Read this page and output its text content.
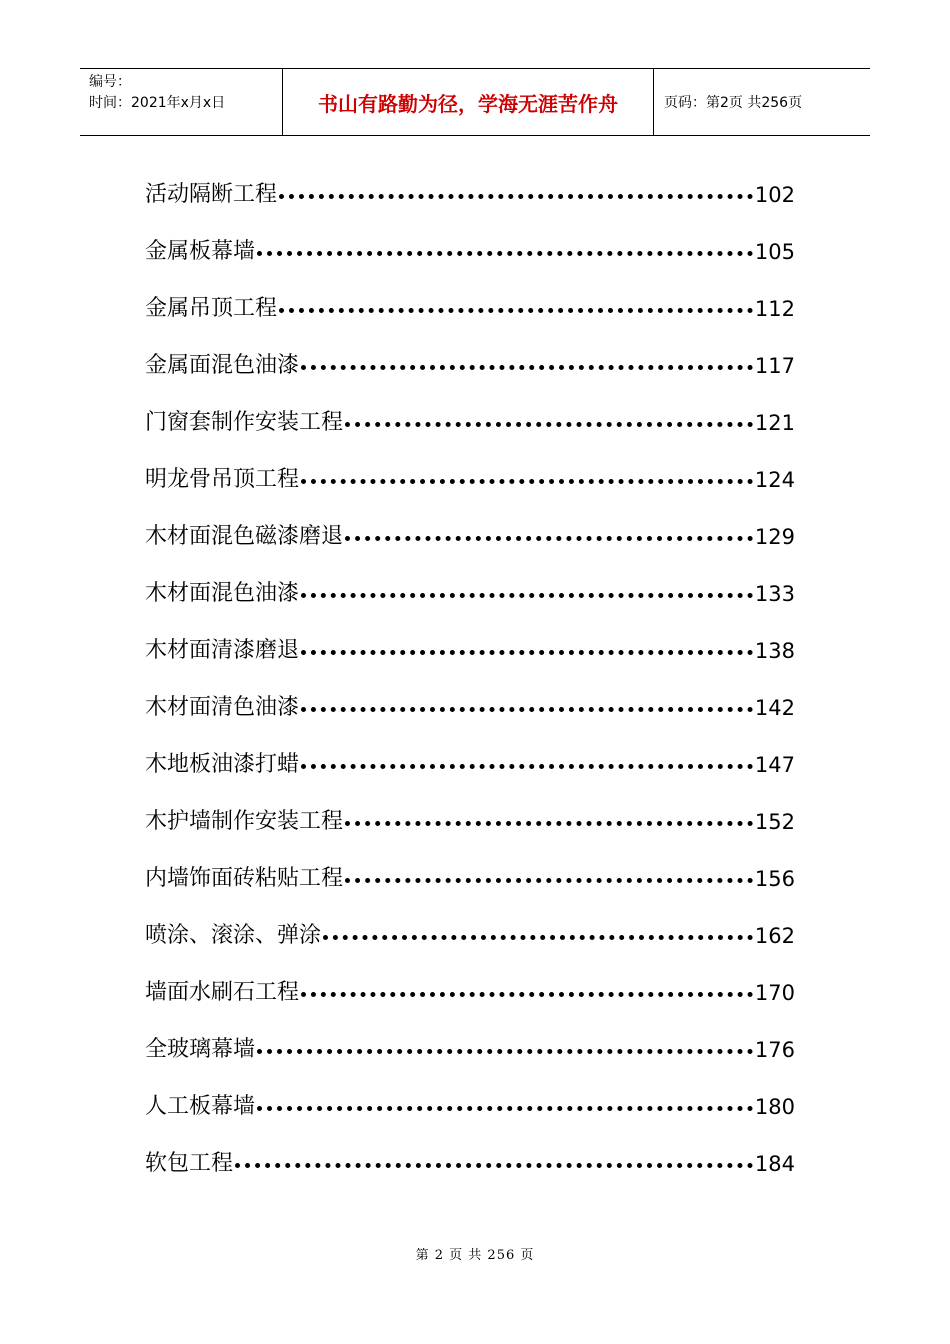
编号：
时间：2021年x月x日	书山有路勤为径，学海无涯苦作舟	页码：第2页 共256页
活动隔断工程	102
金属板幕墙	105
金属吊顶工程	112
金属面混色油漆	117
门窗套制作安装工程	121
明龙骨吊顶工程	124
木材面混色磁漆磨退	129
木材面混色油漆	133
木材面清漆磨退	138
木材面清色油漆	142
木地板油漆打蜡	147
木护墙制作安装工程	152
内墙饰面砖粘贴工程	156
喷涂、滚涂、弹涂	162
墙面水刷石工程	170
全玻璃幕墙	176
人工板幕墙	180
软包工程	184
第 2 页 共 256 页
